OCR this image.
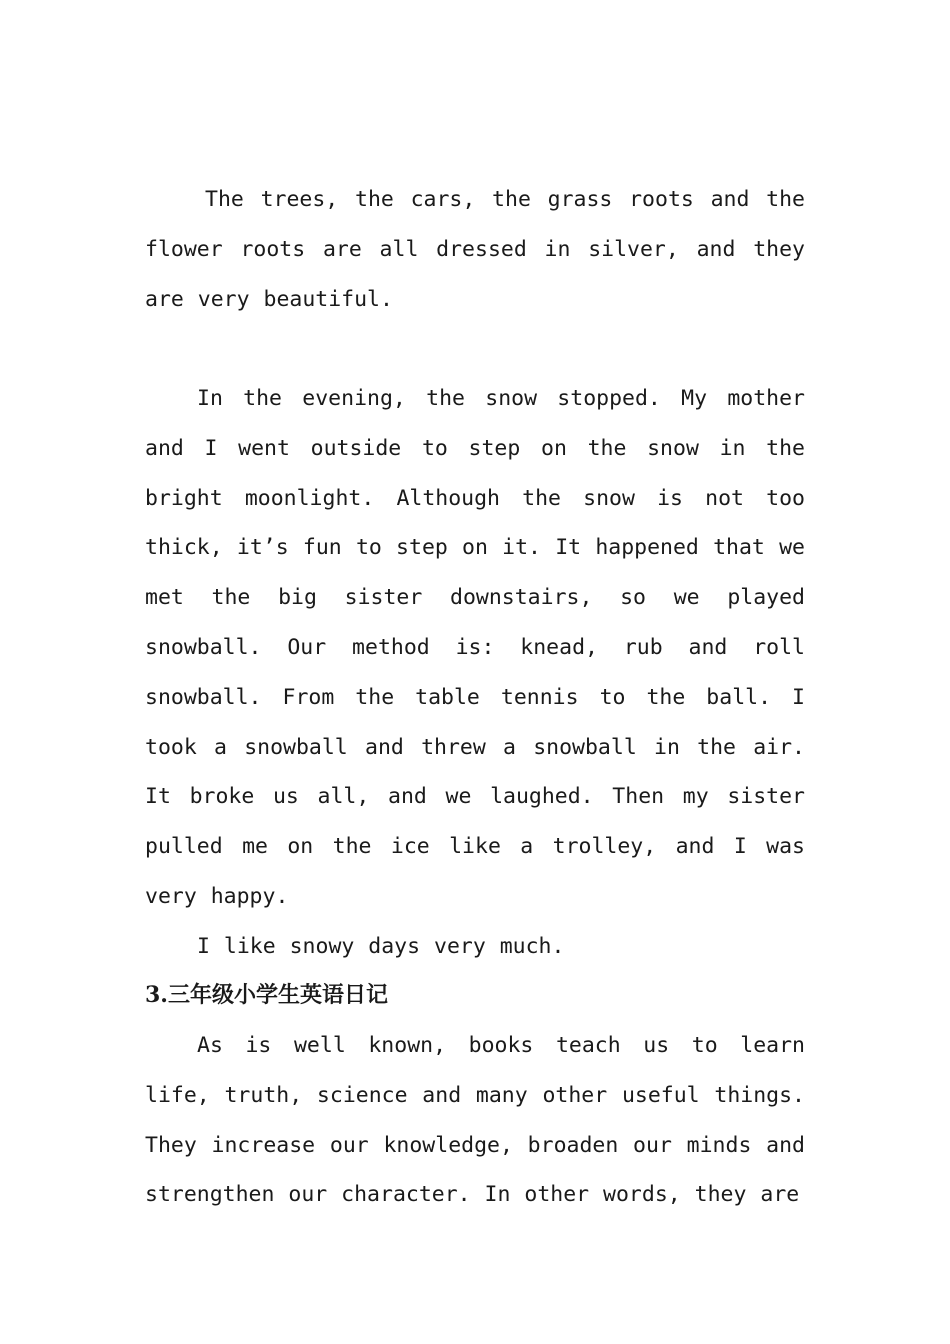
The trees, the cars, the grass roots and the flower roots are all dressed in silver, and they are very beautiful.

In the evening, the snow stopped. My mother and I went outside to step on the snow in the bright moonlight. Although the snow is not too thick, it’s fun to step on it. It happened that we met the big sister downstairs, so we played snowball. Our method is: knead, rub and roll snowball. From the table tennis to the ball. I took a snowball and threw a snowball in the air. It broke us all, and we laughed. Then my sister pulled me on the ice like a trolley, and I was very happy.

I like snowy days very much.

3.三年级小学生英语日记

As is well known, books teach us to learn life, truth, science and many other useful things. They increase our knowledge, broaden our minds and strengthen our character. In other words, they are
